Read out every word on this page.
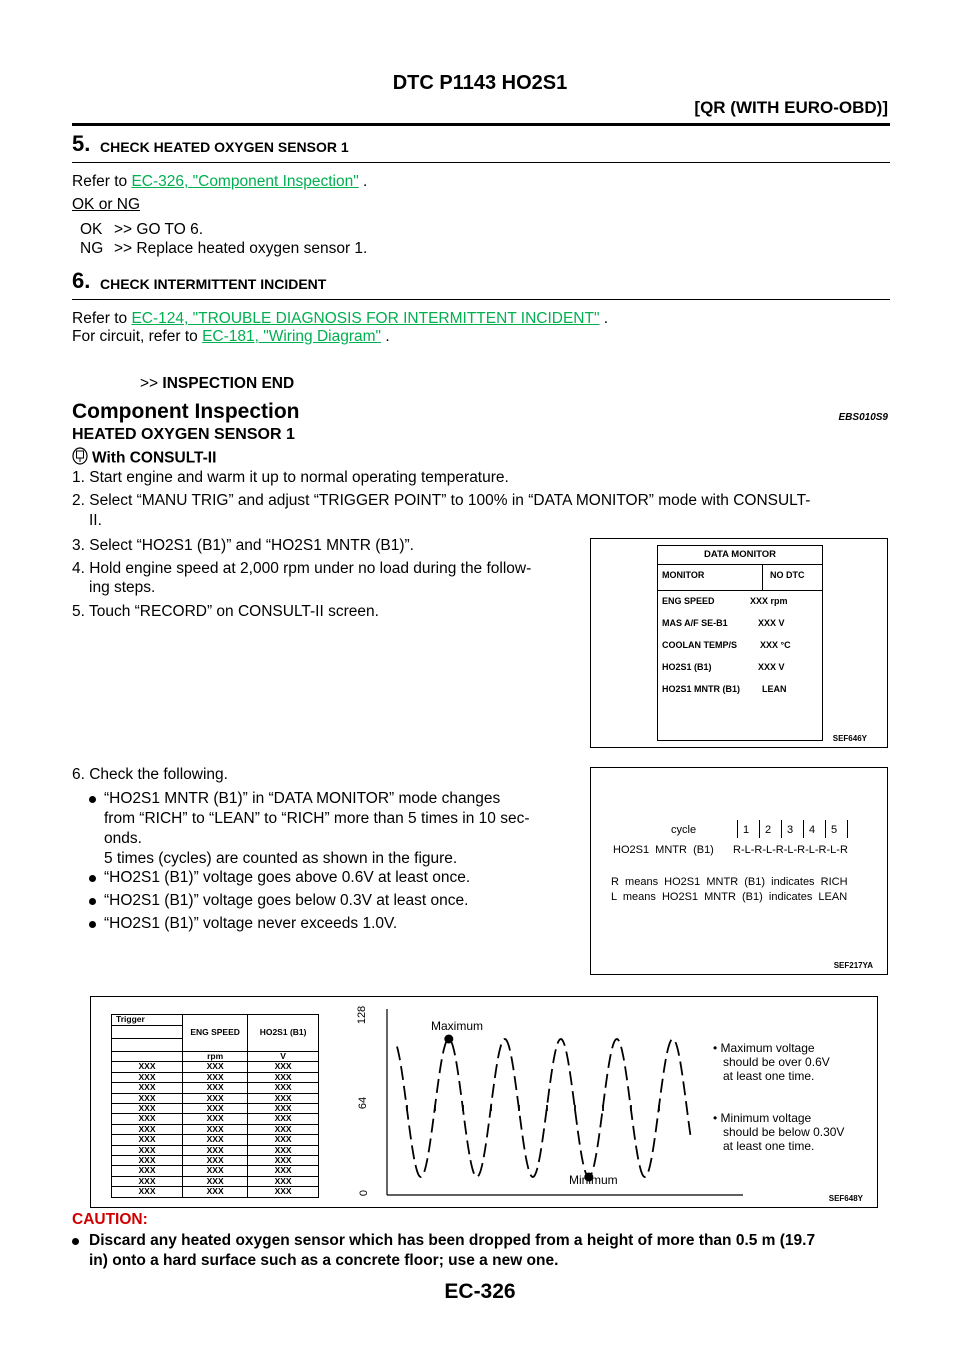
DTC P1143 HO2S1
[QR (WITH EURO-OBD)]
5. CHECK HEATED OXYGEN SENSOR 1
Refer to EC-326, "Component Inspection" .
OK or NG
OK >> GO TO 6.
NG >> Replace heated oxygen sensor 1.
6. CHECK INTERMITTENT INCIDENT
Refer to EC-124, "TROUBLE DIAGNOSIS FOR INTERMITTENT INCIDENT" .
For circuit, refer to EC-181, "Wiring Diagram" .
>> INSPECTION END
Component Inspection	EBS010S9
HEATED OXYGEN SENSOR 1
With CONSULT-II
1. Start engine and warm it up to normal operating temperature.
2. Select “MANU TRIG” and adjust “TRIGGER POINT” to 100% in “DATA MONITOR” mode with CONSULT-
II.
3. Select “HO2S1 (B1)” and “HO2S1 MNTR (B1)”.
4. Hold engine speed at 2,000 rpm under no load during the follow-
ing steps.
5. Touch “RECORD” on CONSULT-II screen.
6. Check the following.
“HO2S1 MNTR (B1)” in “DATA MONITOR” mode changes
from “RICH” to “LEAN” to “RICH” more than 5 times in 10 sec-
onds.
5 times (cycles) are counted as shown in the figure.
“HO2S1 (B1)” voltage goes above 0.6V at least once.
“HO2S1 (B1)” voltage goes below 0.3V at least once.
“HO2S1 (B1)” voltage never exceeds 1.0V.
DATA MONITOR
MONITOR	NO DTC
ENG SPEED	XXX rpm
MAS A/F SE-B1	XXX V
COOLAN TEMP/S	XXX °C
HO2S1 (B1)	XXX V
HO2S1 MNTR (B1) LEAN
SEF646Y
cycle	1 2 3 4 5
HO2S1  MNTR  (B1) R-L-R-L-R-L-R-L-R-L-R
R  means  HO2S1  MNTR  (B1)  indicates  RICH
L  means  HO2S1  MNTR  (B1)  indicates  LEAN
SEF217YA
Trigger	ENG SPEED	HO2S1 (B1)

	rpm	V
XXX	XXX	XXX
XXX	XXX	XXX
XXX	XXX	XXX
XXX	XXX	XXX
XXX	XXX	XXX
XXX	XXX	XXX
XXX	XXX	XXX
XXX	XXX	XXX
XXX	XXX	XXX
XXX	XXX	XXX
XXX	XXX	XXX
XXX	XXX	XXX
XXX	XXX	XXX
Maximum
Minimum
0
64
128
• Maximum voltage
should be over 0.6V
at least one time.
• Minimum voltage
should be below 0.30V
at least one time.
SEF648Y
CAUTION:
Discard any heated oxygen sensor which has been dropped from a height of more than 0.5 m (19.7
in) onto a hard surface such as a concrete floor; use a new one.
EC-326
